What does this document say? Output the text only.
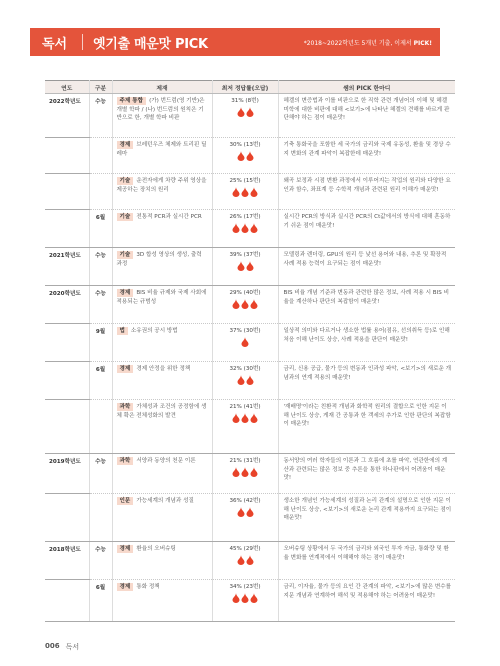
독서	옛기출 매운맛 PICK	*2018~2022학년도 5개년 기출, 이제서 PICK!
연도	구분	제재	최저 정답률(오답)	쌤의 PICK 한마디
2022학년도	수능	주제 통합 (가) 번드럼(영 기반)은 개별 학파 / (나) 번드럼의 원칙은 기반으로 한, 개별 학파 비판	31% (8번)	헤겔의 변증법과 이를 비판으로 한 직학 관련 개념어의 이해 및 헤겔 미학에 대한 비판에 대해 <보기>에 나타난 헤겔의 견해를 바르게 판단해야 하는 점이 매운맛!
		경제 브레턴우즈 체제와 트리핀 딜레마	30% (13번)	기축 통화국을 포함한 세 국가의 금리와 국제 유동성, 환율 및 경상 수지 변화의 관계 파악이 복잡한데 매운맛!
		기술 운전자에게 차량 주위 영상을 제공하는 장치의 원리	25% (15번)	왜곡 보정과 시점 변환 과정에서 이루어지는 작업의 원리와 다양한 요인과 함수, 좌표계 등 수학적 개념과 관련된 원리 이해가 매운맛!
	6월	기술 전통적 PCR과 실시간 PCR	26% (17번)	실시간 PCR의 방식과 실시간 PCR의 Ct값에서의 방식에 대해 혼동하기 쉬운 점이 매운맛!
2021학년도	수능	기술 3D 합성 영상의 생성, 출력 과정	39% (37번)	모델링과 렌더링, GPU의 원리 등 낯선 용어와 내용, 추론 및 확장적 사례 적용 능력이 요구되는 점이 매운맛!
2020학년도	수능	경제 BIS 비율 규제와 국제 사회에 적용되는 규범성	29% (40번)	BIS 비율 개념 기준과 변동과 관련한 많은 정보, 사례 적용 시 BIS 비율을 계산하나 판단의 복잡함이 매운맛!
	9월	법 소유권의 공시 방법	37% (30번)	일상적 의미와 다르거나 생소한 법률 용어(점유, 선의취득 등)로 인해 처음 이해 난이도 상승, 사례 적용을 판단이 매운맛!
	6월	경제 경제 안정을 위한 정책	32% (30번)	금리, 신용 공급, 물가 등의 변동과 인과성 파악, <보기>의 새로운 개념과의 연계 적용의 매운맛!
		과학 가체성과 조건의 공정함에 생체 확은 전체성화의 발견	21% (41번)	'재배명'이라는 친환적 개념과 화학적 원리의 결합으로 인한 지문 이해 난이도 상승, 게재 간 공통과 한 객세의 추가로 인한 판단의 복잡함이 매운맛!
2019학년도	수능	과학 서양과 동양의 천문 이론	21% (31번)	동서양의 여러 학자들의 이론과 그 흐름에 초를 파악, 연관한에의 계산과 관련되는 많은 정보 중 추론을 통한 하나판에서 어려움이 매운맛!
		인문 가능세계의 개념과 성질	36% (42번)	생소한 개념인 가능세계의 성질과 논리 관계의 설명으로 인한 지문 이해 난이도 상승, <보기>의 새로운 논리 관계 적용까지 요구되는 점이 매운맛!
2018학년도	수능	경제 환율의 오버슈팅	45% (29번)	오버슈팅 상황에서 두 국가의 금리와 외국인 투자 자금, 통화량 및 환율 변화를 연계적에서 이해해야 하는 점이 매운맛!
	6월	경제 통화 정책	34% (23번)	금리, 이자율, 물가 등의 요인 간 관계의 파악, <보기>에 많은 변수를 지문 개념과 연계하여 해석 및 적용해야 하는 어려움이 매운맛!
006 독서
